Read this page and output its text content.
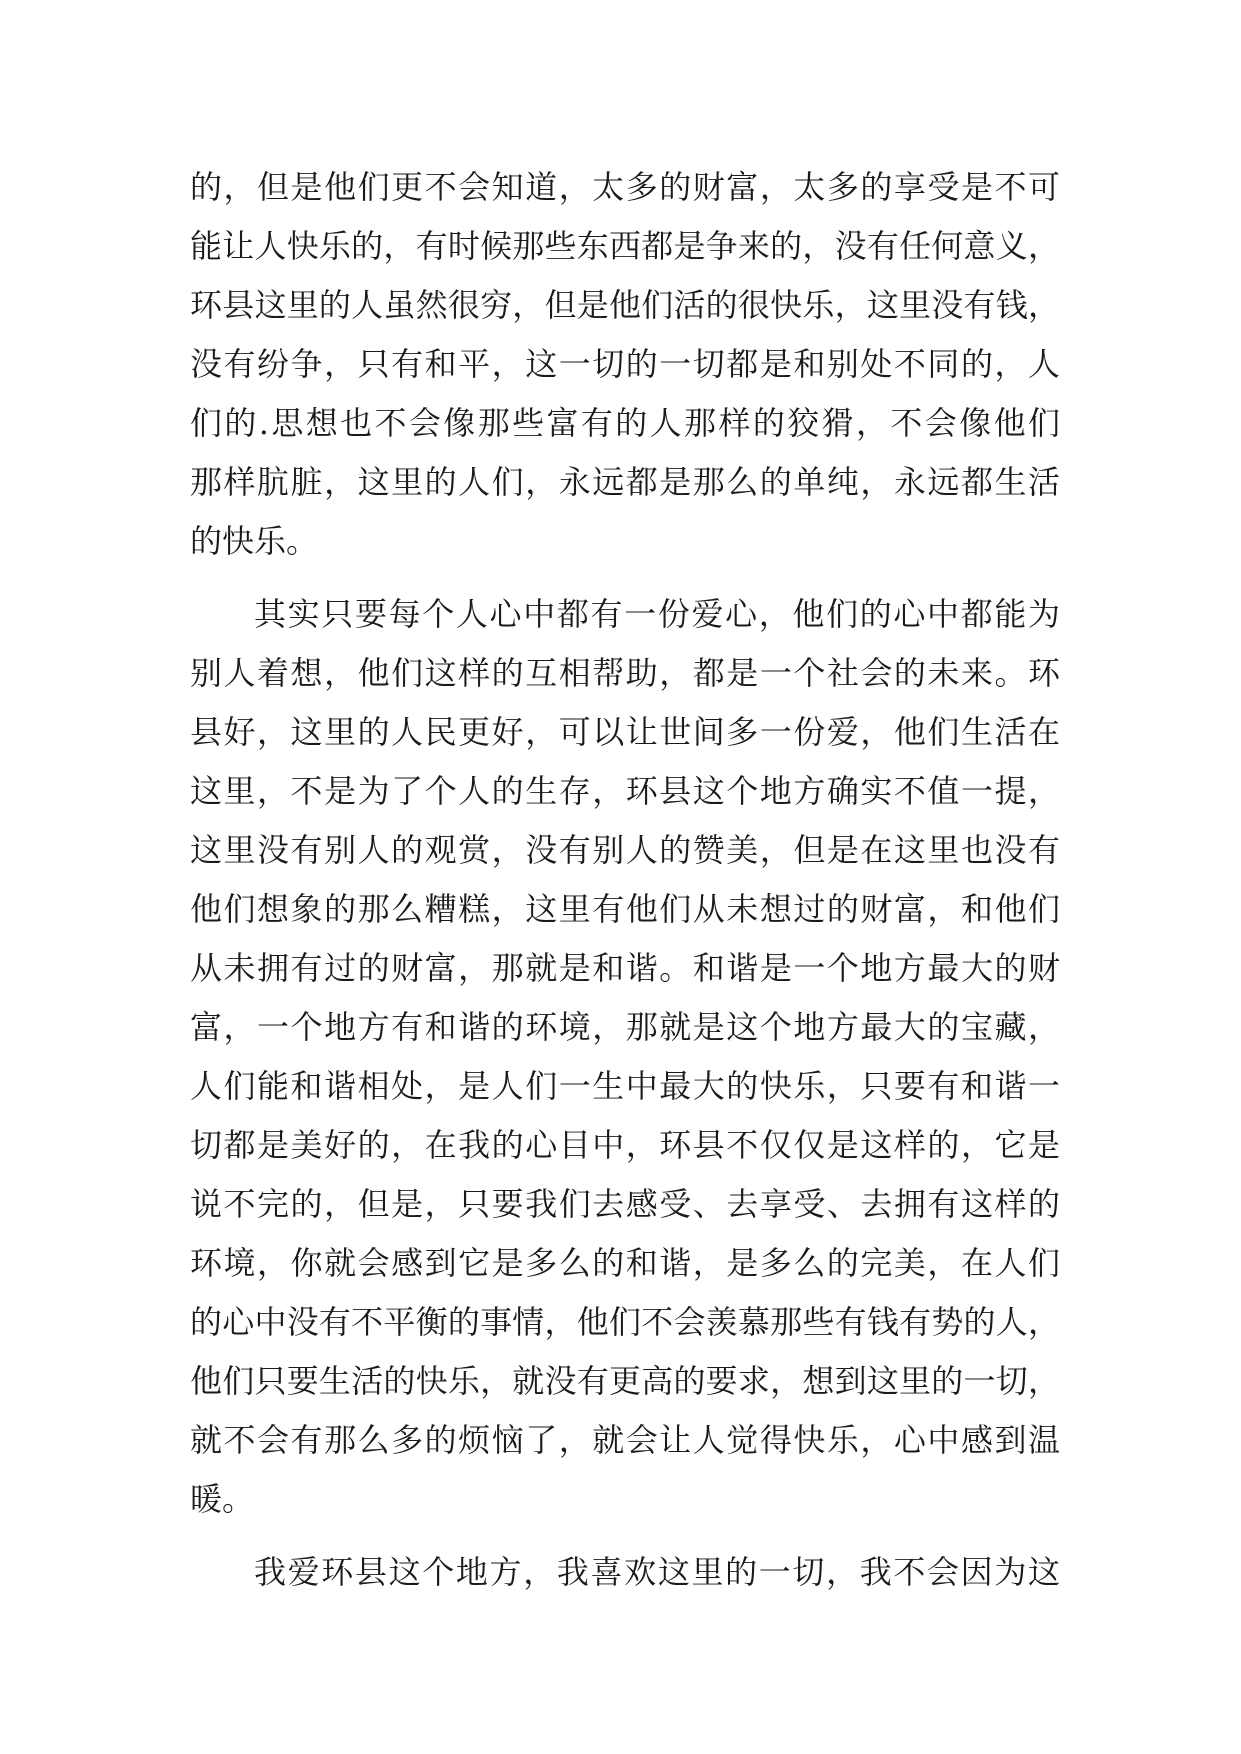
的，但是他们更不会知道，太多的财富，太多的享受是不可
能让人快乐的，有时候那些东西都是争来的，没有任何意义，
环县这里的人虽然很穷，但是他们活的很快乐，这里没有钱，
没有纷争，只有和平，这一切的一切都是和别处不同的，人
们的.思想也不会像那些富有的人那样的狡猾，不会像他们
那样肮脏，这里的人们，永远都是那么的单纯，永远都生活
的快乐。
其实只要每个人心中都有一份爱心，他们的心中都能为
别人着想，他们这样的互相帮助，都是一个社会的未来。环
县好，这里的人民更好，可以让世间多一份爱，他们生活在
这里，不是为了个人的生存，环县这个地方确实不值一提，
这里没有别人的观赏，没有别人的赞美，但是在这里也没有
他们想象的那么糟糕，这里有他们从未想过的财富，和他们
从未拥有过的财富，那就是和谐。和谐是一个地方最大的财
富，一个地方有和谐的环境，那就是这个地方最大的宝藏，
人们能和谐相处，是人们一生中最大的快乐，只要有和谐一
切都是美好的，在我的心目中，环县不仅仅是这样的，它是
说不完的，但是，只要我们去感受、去享受、去拥有这样的
环境，你就会感到它是多么的和谐，是多么的完美，在人们
的心中没有不平衡的事情，他们不会羡慕那些有钱有势的人，
他们只要生活的快乐，就没有更高的要求，想到这里的一切，
就不会有那么多的烦恼了，就会让人觉得快乐，心中感到温
暖。
我爱环县这个地方，我喜欢这里的一切，我不会因为这
